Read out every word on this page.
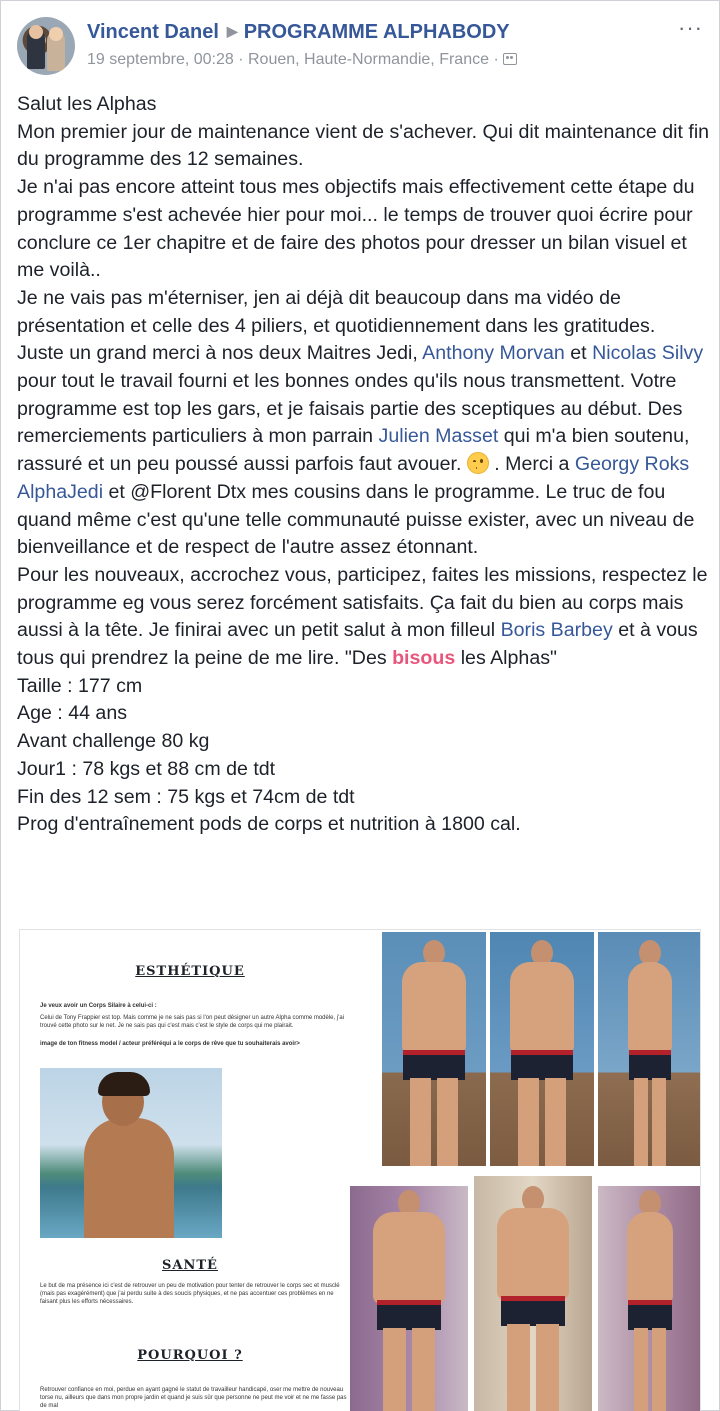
Vincent Danel ▶ PROGRAMME ALPHABODY
19 septembre, 00:28 · Rouen, Haute-Normandie, France ·
···

Salut les Alphas

Mon premier jour de maintenance vient de s'achever. Qui dit maintenance dit fin du programme des 12 semaines.

Je n'ai pas encore atteint tous mes objectifs mais effectivement cette étape du programme s'est achevée hier pour moi... le temps de trouver quoi écrire pour conclure ce 1er chapitre et de faire des photos pour dresser un bilan visuel et me voilà..

Je ne vais pas m'éterniser, jen ai déjà dit beaucoup dans ma vidéo de présentation et celle des 4 piliers, et quotidiennement dans les gratitudes.

Juste un grand merci à nos deux Maitres Jedi, Anthony Morvan et Nicolas Silvy pour tout le travail fourni et les bonnes ondes qu'ils nous transmettent. Votre programme est top les gars, et je faisais partie des sceptiques au début. Des remerciements particuliers à mon parrain Julien Masset qui m'a bien soutenu, rassuré et un peu poussé aussi parfois faut avouer.  . Merci a Georgy Roks AlphaJedi et @Florent Dtx mes cousins dans le programme. Le truc de fou quand même c'est qu'une telle communauté puisse exister, avec un niveau de bienveillance et de respect de l'autre assez étonnant.

Pour les nouveaux, accrochez vous, participez, faites les missions, respectez le programme eg vous serez forcément satisfaits. Ça fait du bien au corps mais aussi à la tête. Je finirai avec un petit salut à mon filleul Boris Barbey et à vous tous qui prendrez la peine de me lire. "Des bisous les Alphas"

Taille : 177 cm

Age : 44 ans

Avant challenge 80 kg

Jour1 : 78 kgs et 88 cm de tdt

Fin des 12 sem : 75 kgs et 74cm de tdt

Prog d'entraînement pods de corps et nutrition à 1800 cal.

ESTHÉTIQUE
Je veux avoir un Corps Silaire à celui-ci :
Celui de Tony Frappier est top. Mais comme je ne sais pas si l'on peut désigner un autre Alpha comme modèle, j'ai trouvé cette photo sur le net. Je ne sais pas qui c'est mais c'est le style de corps qui me plairait.
image de ton fitness model / acteur préféréqui a le corps de rêve que tu souhaiterais avoir>
SANTÉ
Le but de ma présence ici c'est de retrouver un peu de motivation pour tenter de retrouver le corps sec et musclé (mais pas exagérément) que j'ai perdu suite à des soucis physiques, et ne pas accentuer ces problèmes en ne faisant plus les efforts nécessaires.
POURQUOI ?
Retrouver confiance en moi, perdue en ayant gagné le statut de travailleur handicapé, oser me mettre de nouveau torse nu, ailleurs que dans mon propre jardin et quand je suis sûr que personne ne peut me voir et ne me fasse pas de mal
